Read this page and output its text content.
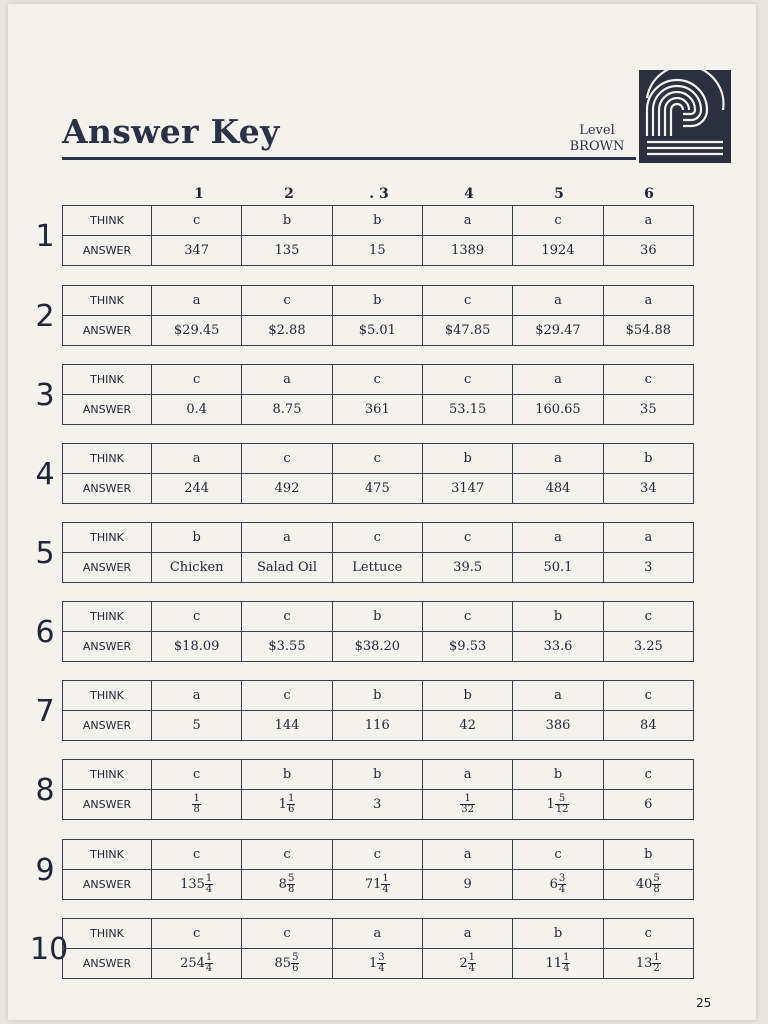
Answer Key	Level
BROWN
1	2	. 3	4	5	6
1	THINK	c	b	b	a	c	a
ANSWER	347	135	15	1389	1924	36
2	THINK	a	c	b	c	a	a
ANSWER	$29.45	$2.88	$5.01	$47.85	$29.47	$54.88
3	THINK	c	a	c	c	a	c
ANSWER	0.4	8.75	361	53.15	160.65	35
4	THINK	a	c	c	b	a	b
ANSWER	244	492	475	3147	484	34
5	THINK	b	a	c	c	a	a
ANSWER	Chicken	Salad Oil	Lettuce	39.5	50.1	3
6	THINK	c	c	b	c	b	c
ANSWER	$18.09	$3.55	$38.20	$9.53	33.6	3.25
7	THINK	a	c	b	b	a	c
ANSWER	5	144	116	42	386	84
8	THINK	c	b	b	a	b	c
ANSWER	$\frac{1}{8}$	$1 \frac{1}{6}$	3	$\frac{1}{32}$	$1 \frac{5}{12}$	6
9	THINK	c	c	c	a	c	b
ANSWER	$135 \frac{1}{4}$	$8 \frac{5}{8}$	$71 \frac{1}{4}$	9	$6 \frac{3}{4}$	$40 \frac{5}{8}$
10 THINK	c	c	a	a	b	c
ANSWER	$254 \frac{1}{4}$	$85 \frac{5}{6}$	$1 \frac{3}{4}$	$2 \frac{1}{4}$	$11 \frac{1}{4}$	$13 \frac{1}{2}$
25
